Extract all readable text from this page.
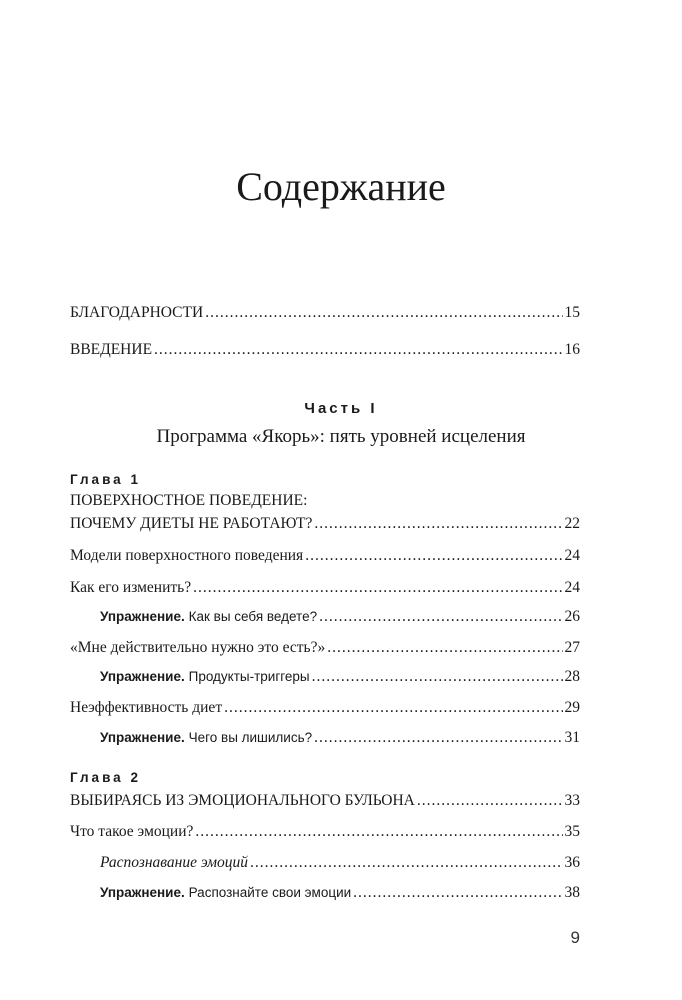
Содержание
БЛАГОДАРНОСТИ .....	15
ВВЕДЕНИЕ .....	16
Часть I
Программа «Якорь»: пять уровней исцеления
Глава 1
ПОВЕРХНОСТНОЕ ПОВЕДЕНИЕ:
ПОЧЕМУ ДИЕТЫ НЕ РАБОТАЮТ? .....	22
Модели поверхностного поведения .....	24
Как его изменить? .....	24
Упражнение. Как вы себя ведете? .....	26
«Мне действительно нужно это есть?» .....	27
Упражнение. Продукты-триггеры .....	28
Неэффективность диет .....	29
Упражнение. Чего вы лишились? .....	31
Глава 2
ВЫБИРАЯСЬ ИЗ ЭМОЦИОНАЛЬНОГО БУЛЬОНА .....	33
Что такое эмоции? .....	35
Распознавание эмоций .....	36
Упражнение. Распознайте свои эмоции .....	38
9
